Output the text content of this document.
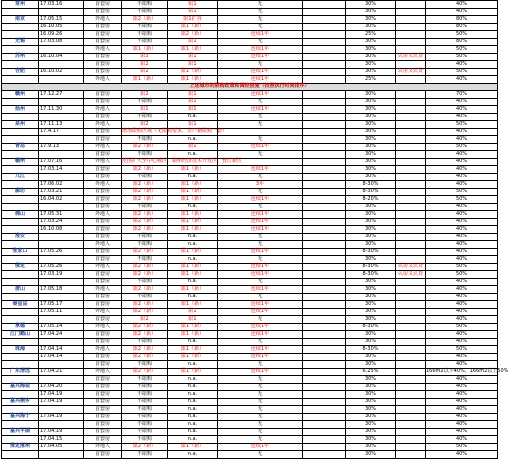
常州	17.03.16	首套房	不限购	限1	无		30%		40%
		首套房	不限购	限1	无		30%		40%
南京	17.05.15	外地人	限2（新）	限1扩容	无		30%		80%
	16.10.05	首套房	不限购	限1（新）	无		30%		80%
	16.09.26	首套房	不限购	限2（新）	连续1年		25%		50%
无锡	17.03.08	首套房	不限购	限1	无		30%		80%
		外地人	限1（新）	限1（新）	连续1年		30%		50%
苏州	16.10.04	首套房	限3	限1	连续1年		30%	认房又认贷	50%
		首套房	限2	限1	无		30%		40%
合肥	16.10.02	首套房	限2	限1（新）	连续1年		30%	认房又认贷	50%
		外地人	限1（新）	限1（新）	连续1年		25%		40%
上述城市的限购政策和调控措施（按照执行时间排序）									
赣州	17.12.27	首套房	限2	限1	连续1年		30%		70%
		首套房	不限购	限1	无		30%		40%
扬州	17.11.30	外地人	限1	限1	连续1年		30%		40%
		首套房	不限购	n.a.	无		30%		40%
泉州	17.11.13	外地人	限2	限1	无		30%		50%
	17.4.17	首套房	增加限购区域（无限购要求，非户籍限购一套）				30%		40%
		首套房	不限购	n.a.	无		30%		40%
青岛	17.9.13	外地人	限2（新）	限1	连续1年		30%		50%
		首套房	不限购	n.a.	无		30%		40%
赣州	17.07.16	外地人	范围扩大至中心城区、赣州经济技术开发区、蓉江新区				30%		40%
	17.03.14	首套房	限2（新）	限1（新）	连续1年		30%		40%
九江		首套房	不限购	n.a.	无		30%		40%
	17.06.02	外地人	限2（新）	限1（新）	3年		8-30%		40%
廊坊	17.03.21	首套房	限2（新）	限1（新）	无		8-30%		50%
	16.04.02	首套房	限2（新）	限1（新）	连续1年		8-20%		50%
		首套房	不限购	n.a.	无		30%		40%
佛山	17.05.31	外地人	限2（新）	限1（新）	连续1年		30%		40%
	17.03.24	首套房	限2（新）	限1（新）	连续1年		30%		40%
	16.10.08	首套房	限2（新）	限1（新）	连续1年		30%		40%
淮安		首套房	不限购	n.a.	无		30%		40%
		外地人	不限购	n.a.	无		30%		40%
张家口	17.05.26	首套房	限2（新）	限1（新）	连续1年		8-30%		40%
		首套房	不限购	n.a.	无		30%		40%
保定	17.05.26	外地人	限2（新）	限1（新）	连续1年		8-30%	认房又认贷	50%
	17.03.19	首套房	限2（新）	限1（新）	连续1年		8-30%	认房又认贷	50%
		首套房	不限购	n.a.	无		30%		40%
唐山	17.05.18	外地人	限2（新）	限1（新）	连续1年		30%		40%
		首套房	不限购	n.a.	无		30%		40%
秦皇岛	17.05.17	首套房	限2（新）	限1（新）	连续1年		30%		40%
	17.05.11	外地人	限2（新）	限1	连续1年		30%		40%
		首套房	限2	限1	无		30%		40%
承德	17.05.14	外地人	限2（新）	限1（新）	连续1年		8-30%		50%
江门鹤山	17.04.24	首套房	限2（新）	限1（新）	连续1年		30%		40%
		首套房	不限购	n.a.	无		30%		40%
珠海	17.04.14	外地人	限2（新）	限1（新）	连续1年		8-30%		50%
	17.04.14	首套房	限2（新）	限1（新）	连续1年		30%		40%
		首套房	不限购	n.a.	无		30%		40%
广东清远	17.04.21	外地人	限2（新）	限1（新）	连续1年		6.25%		166m2以下40%，166m2以上50%
		首套房	不限购	n.a.	无		30%		40%
嘉兴海盐	17.04.20	首套房	不限购	n.a.	无		30%		40%
	17.04.19	首套房	不限购	n.a.	无		30%		40%
嘉兴桐乡	17.04.19	首套房	不限购	n.a.	无		30%		40%
		首套房	不限购	n.a.	无		30%		40%
嘉兴海宁	17.04.19	首套房	不限购	n.a.	无		30%		40%
		首套房	不限购	n.a.	无		30%		40%
嘉兴平湖	17.04.19	首套房	不限购	n.a.	无		30%		40%
	17.04.15	首套房	不限购	n.a.	无		30%		40%
保定涿州	17.04.05	外地人	限2（新）	限1（新）	连续1年		30%		50%
		首套房	不限购	n.a.	无		30%		40%
